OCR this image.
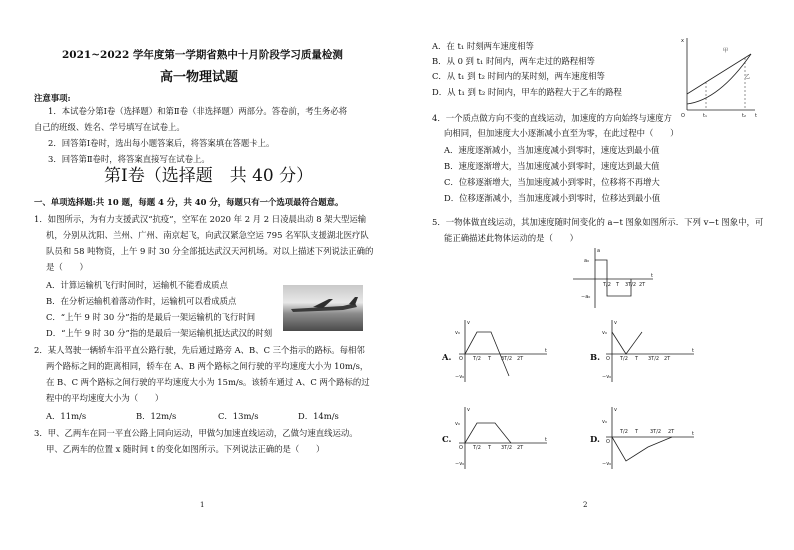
2021~2022 学年度第一学期省熟中十月阶段学习质量检测
高一物理试题
注意事项:
1．本试卷分第Ⅰ卷（选择题）和第Ⅱ卷（非选择题）两部分。答卷前，考生务必将
自己的班级、姓名、学号填写在试卷上。
2．回答第Ⅰ卷时，选出每小题答案后，将答案填在答题卡上。
3．回答第Ⅱ卷时，将答案直接写在试卷上。
第Ⅰ卷（选择题　共 40 分）
一、单项选择题:共 10 题，每题 4 分，共 40 分，每题只有一个选项最符合题意。
1．如图所示，为有力支援武汉“抗疫”，空军在 2020 年 2 月 2 日凌晨出动 8 架大型运输
机，分别从沈阳、兰州、广州、南京起飞，向武汉紧急空运 795 名军队支援湖北医疗队
队员和 58 吨物资，上午 9 时 30 分全部抵达武汉天河机场。对以上描述下列说法正确的
是（　　）
A．计算运输机飞行时间时，运输机不能看成质点
B．在分析运输机着落动作时，运输机可以看成质点
C．“上午 9 时 30 分”指的是最后一架运输机的飞行时间
D．“上午 9 时 30 分”指的是最后一架运输机抵达武汉的时刻
2．某人驾驶一辆轿车沿平直公路行驶，先后通过路旁 A、B、C 三个指示的路标。每相邻
两个路标之间的距离相同，轿车在 A、B 两个路标之间行驶的平均速度大小为 10m/s，
在 B、C 两个路标之间行驶的平均速度大小为 15m/s。该轿车通过 A、C 两个路标的过
程中的平均速度大小为（　　）
A．11m/s	B．12m/s	C．13m/s	D．14m/s
3．甲、乙两车在同一平直公路上同向运动，甲做匀加速直线运动，乙做匀速直线运动。
甲、乙两车的位置 x 随时间 t 的变化如图所示。下列说法正确的是（　　）
1
A．在 t₁ 时刻两车速度相等
B．从 0 到 t₁ 时间内，两车走过的路程相等
C．从 t₁ 到 t₂ 时间内的某时刻，两车速度相等
D．从 t₁ 到 t₂ 时间内，甲车的路程大于乙车的路程
x
t
O	t₁	t₂
甲
乙
4．一个质点做方向不变的直线运动，加速度的方向始终与速度方
向相同，但加速度大小逐渐减小直至为零，在此过程中（　　）
A．速度逐渐减小，当加速度减小到零时，速度达到最小值
B．速度逐渐增大，当加速度减小到零时，速度达到最大值
C．位移逐渐增大，当加速度减小到零时，位移将不再增大
D．位移逐渐减小，当加速度减小到零时，位移达到最小值
5．一物体做直线运动，其加速度随时间变化的 a−t 图象如图所示．下列 v−t 图象中，可
能正确描述此物体运动的是（　　）
a
t
a₀
−a₀
T/2 T 3T/2 2T
A.
v
v₀
−v₀
t
O T/2 T 3T/2 2T	B.
v
v₀
−v₀
t
O T/2 T 3T/2 2T
C.
v
v₀
−v₀
t
O T/2 T 3T/2 2T
D.
v
v₀
−v₀
t
O
T/2 T 3T/2 2T
2
